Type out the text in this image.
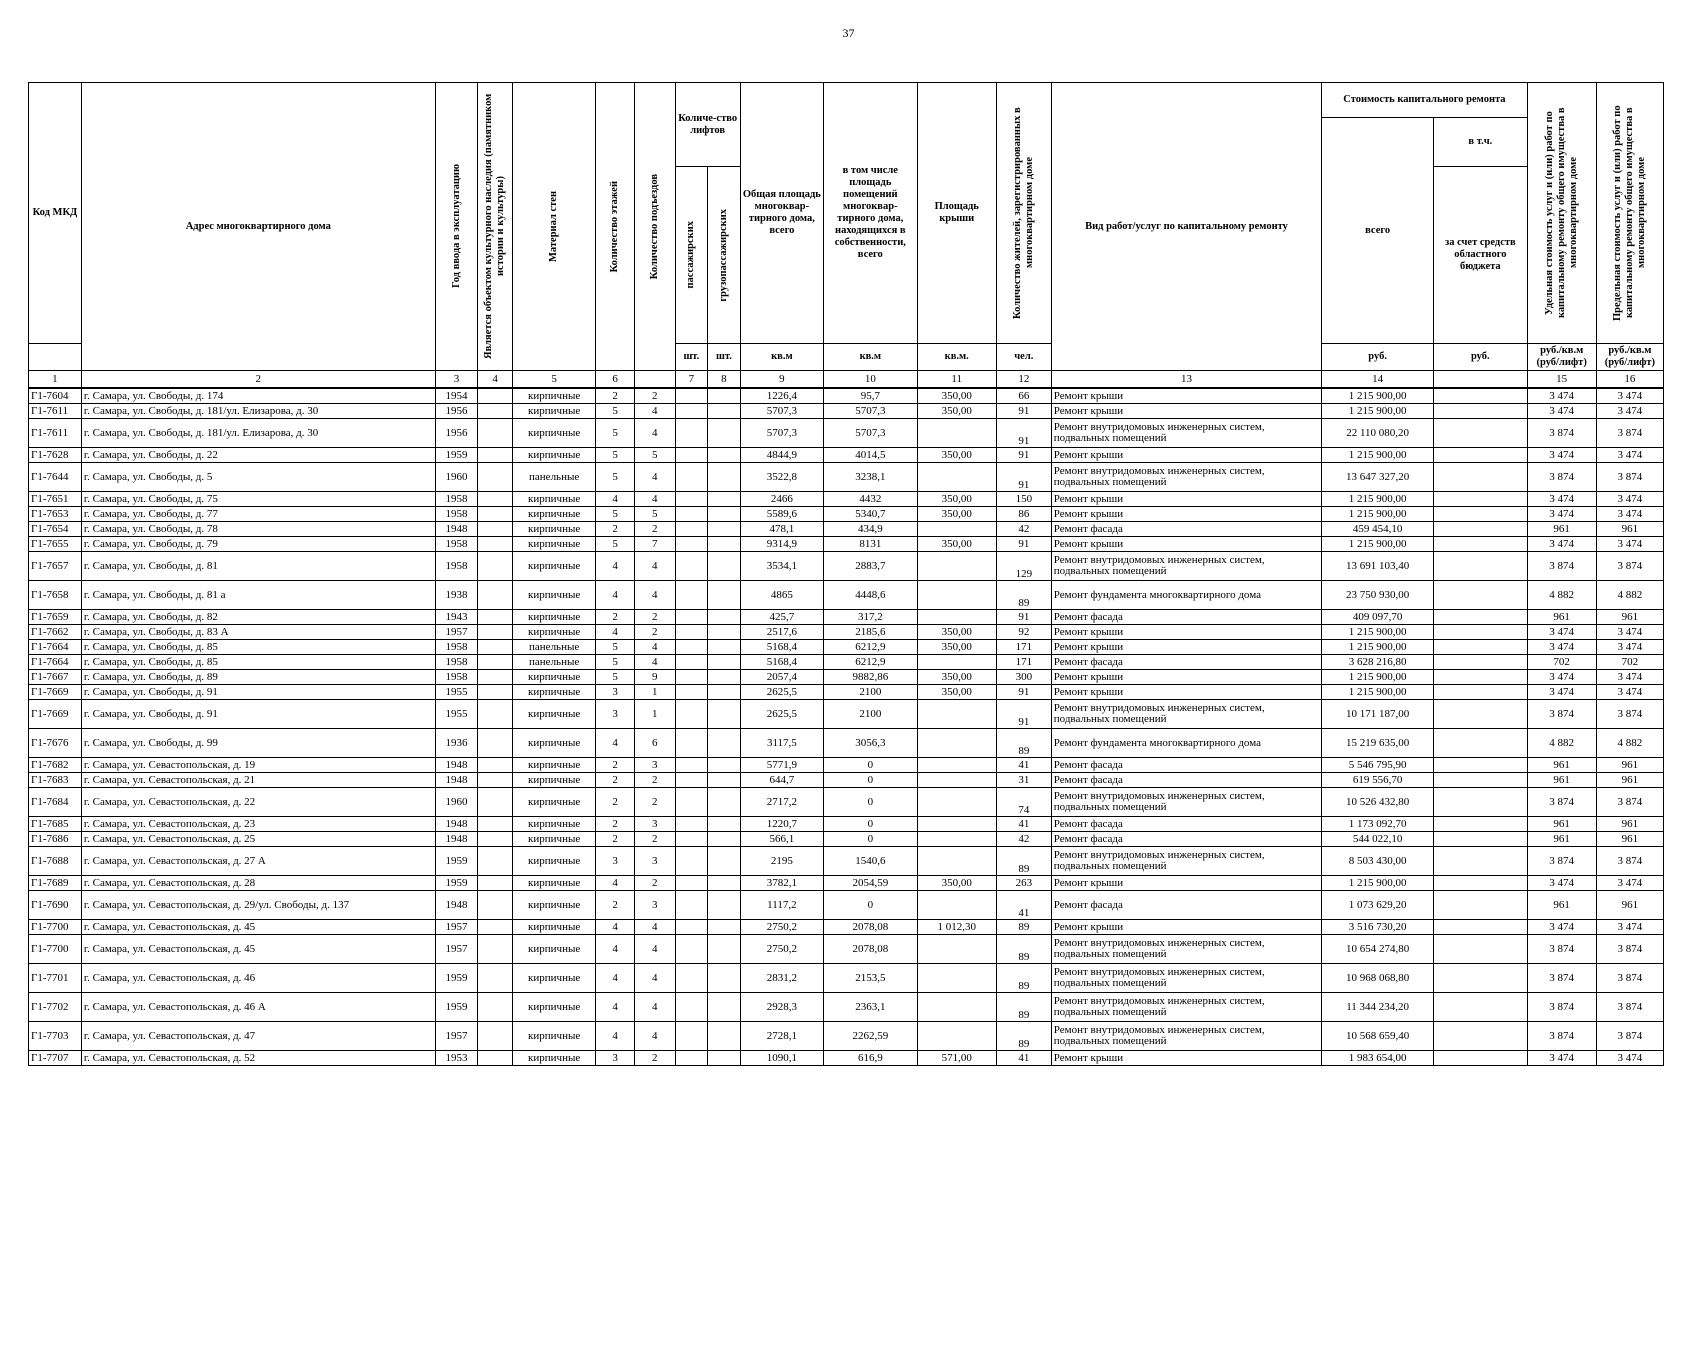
37
Код МКД	Адрес многоквартирного дома	Год ввода в эксплуатацию	Является объектом культурного наследия (памятником истории и культуры)	Материал стен	Количество этажей	Количество подъездов	Количе-ство лифтов		Общая площадь многоквар-тирного дома, всего	в том числе площадь помещений многоквар-тирного дома, находящихся в собственности, всего	Площадь крыши	Количество жителей, зарегистрированных в многоквартирном доме	Вид работ/услуг по капитальному ремонту	Стоимость капитального ремонта		Удельная стоимость услуг и (или) работ по капитальному ремонту общего имущества в многоквартирном доме	Предельная стоимость услуг и (или) работ по капитальному ремонту общего имущества в многоквартирном доме

														всего	в т.ч.		

							пассажирских	грузопассажирских							за счет средств областного бюджета		
							шт.	шт.	кв.м	кв.м	кв.м.	чел.		руб.	руб.	руб./кв.м (руб/лифт)	руб./кв.м (руб/лифт)
1	2	3	4	5	6		7	8	9	10	11	12	13	14		15	16
Г1-7604	г. Самара, ул. Свободы, д. 174	1954		кирпичные	2	2			1226,4	95,7	350,00	66	Ремонт крыши	1 215 900,00		3 474	3 474
Г1-7611	г. Самара, ул. Свободы, д. 181/ул. Елизарова, д. 30	1956		кирпичные	5	4			5707,3	5707,3	350,00	91	Ремонт крыши	1 215 900,00		3 474	3 474
Г1-7611	г. Самара, ул. Свободы, д. 181/ул. Елизарова, д. 30	1956		кирпичные	5	4			5707,3	5707,3		91	Ремонт внутридомовых инженерных систем, подвальных помещений	22 110 080,20		3 874	3 874
Г1-7628	г. Самара, ул. Свободы, д. 22	1959		кирпичные	5	5			4844,9	4014,5	350,00	91	Ремонт крыши	1 215 900,00		3 474	3 474
Г1-7644	г. Самара, ул. Свободы, д. 5	1960		панельные	5	4			3522,8	3238,1		91	Ремонт внутридомовых инженерных систем, подвальных помещений	13 647 327,20		3 874	3 874
Г1-7651	г. Самара, ул. Свободы, д. 75	1958		кирпичные	4	4			2466	4432	350,00	150	Ремонт крыши	1 215 900,00		3 474	3 474
Г1-7653	г. Самара, ул. Свободы, д. 77	1958		кирпичные	5	5			5589,6	5340,7	350,00	86	Ремонт крыши	1 215 900,00		3 474	3 474
Г1-7654	г. Самара, ул. Свободы, д. 78	1948		кирпичные	2	2			478,1	434,9		42	Ремонт фасада	459 454,10		961	961
Г1-7655	г. Самара, ул. Свободы, д. 79	1958		кирпичные	5	7			9314,9	8131	350,00	91	Ремонт крыши	1 215 900,00		3 474	3 474
Г1-7657	г. Самара, ул. Свободы, д. 81	1958		кирпичные	4	4			3534,1	2883,7		129	Ремонт внутридомовых инженерных систем, подвальных помещений	13 691 103,40		3 874	3 874
Г1-7658	г. Самара, ул. Свободы, д. 81 а	1938		кирпичные	4	4			4865	4448,6		89	Ремонт фундамента многоквартирного дома	23 750 930,00		4 882	4 882
Г1-7659	г. Самара, ул. Свободы, д. 82	1943		кирпичные	2	2			425,7	317,2		91	Ремонт фасада	409 097,70		961	961
Г1-7662	г. Самара, ул. Свободы, д. 83 А	1957		кирпичные	4	2			2517,6	2185,6	350,00	92	Ремонт крыши	1 215 900,00		3 474	3 474
Г1-7664	г. Самара, ул. Свободы, д. 85	1958		панельные	5	4			5168,4	6212,9	350,00	171	Ремонт крыши	1 215 900,00		3 474	3 474
Г1-7664	г. Самара, ул. Свободы, д. 85	1958		панельные	5	4			5168,4	6212,9		171	Ремонт фасада	3 628 216,80		702	702
Г1-7667	г. Самара, ул. Свободы, д. 89	1958		кирпичные	5	9			2057,4	9882,86	350,00	300	Ремонт крыши	1 215 900,00		3 474	3 474
Г1-7669	г. Самара, ул. Свободы, д. 91	1955		кирпичные	3	1			2625,5	2100	350,00	91	Ремонт крыши	1 215 900,00		3 474	3 474
Г1-7669	г. Самара, ул. Свободы, д. 91	1955		кирпичные	3	1			2625,5	2100		91	Ремонт внутридомовых инженерных систем, подвальных помещений	10 171 187,00		3 874	3 874
Г1-7676	г. Самара, ул. Свободы, д. 99	1936		кирпичные	4	6			3117,5	3056,3		89	Ремонт фундамента многоквартирного дома	15 219 635,00		4 882	4 882
Г1-7682	г. Самара, ул. Севастопольская, д. 19	1948		кирпичные	2	3			5771,9	0		41	Ремонт фасада	5 546 795,90		961	961
Г1-7683	г. Самара, ул. Севастопольская, д. 21	1948		кирпичные	2	2			644,7	0		31	Ремонт фасада	619 556,70		961	961
Г1-7684	г. Самара, ул. Севастопольская, д. 22	1960		кирпичные	2	2			2717,2	0		74	Ремонт внутридомовых инженерных систем, подвальных помещений	10 526 432,80		3 874	3 874
Г1-7685	г. Самара, ул. Севастопольская, д. 23	1948		кирпичные	2	3			1220,7	0		41	Ремонт фасада	1 173 092,70		961	961
Г1-7686	г. Самара, ул. Севастопольская, д. 25	1948		кирпичные	2	2			566,1	0		42	Ремонт фасада	544 022,10		961	961
Г1-7688	г. Самара, ул. Севастопольская, д. 27 А	1959		кирпичные	3	3			2195	1540,6		89	Ремонт внутридомовых инженерных систем, подвальных помещений	8 503 430,00		3 874	3 874
Г1-7689	г. Самара, ул. Севастопольская, д. 28	1959		кирпичные	4	2			3782,1	2054,59	350,00	263	Ремонт крыши	1 215 900,00		3 474	3 474
Г1-7690	г. Самара, ул. Севастопольская, д. 29/ул. Свободы, д. 137	1948		кирпичные	2	3			1117,2	0		41	Ремонт фасада	1 073 629,20		961	961
Г1-7700	г. Самара, ул. Севастопольская, д. 45	1957		кирпичные	4	4			2750,2	2078,08	1 012,30	89	Ремонт крыши	3 516 730,20		3 474	3 474
Г1-7700	г. Самара, ул. Севастопольская, д. 45	1957		кирпичные	4	4			2750,2	2078,08		89	Ремонт внутридомовых инженерных систем, подвальных помещений	10 654 274,80		3 874	3 874
Г1-7701	г. Самара, ул. Севастопольская, д. 46	1959		кирпичные	4	4			2831,2	2153,5		89	Ремонт внутридомовых инженерных систем, подвальных помещений	10 968 068,80		3 874	3 874
Г1-7702	г. Самара, ул. Севастопольская, д. 46 А	1959		кирпичные	4	4			2928,3	2363,1		89	Ремонт внутридомовых инженерных систем, подвальных помещений	11 344 234,20		3 874	3 874
Г1-7703	г. Самара, ул. Севастопольская, д. 47	1957		кирпичные	4	4			2728,1	2262,59		89	Ремонт внутридомовых инженерных систем, подвальных помещений	10 568 659,40		3 874	3 874
Г1-7707	г. Самара, ул. Севастопольская, д. 52	1953		кирпичные	3	2			1090,1	616,9	571,00	41	Ремонт крыши	1 983 654,00		3 474	3 474
